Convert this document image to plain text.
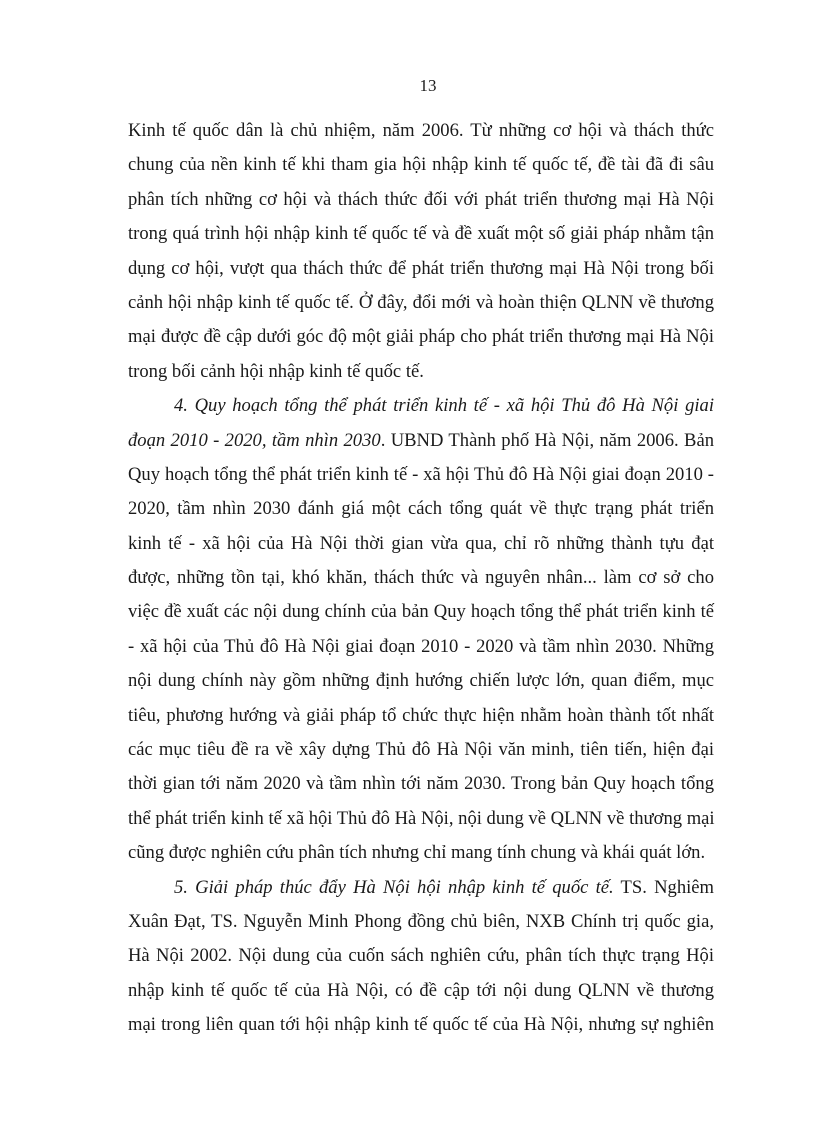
13
Kinh tế quốc dân là chủ nhiệm, năm 2006. Từ những cơ hội và thách thức
chung của nền kinh tế khi tham gia hội nhập kinh tế quốc tế, đề tài đã đi sâu
phân tích những cơ hội và thách thức đối với phát triển thương mại Hà Nội
trong quá trình hội nhập kinh tế quốc tế và đề xuất một số giải pháp nhằm tận
dụng cơ hội, vượt qua thách thức để phát triển thương mại Hà Nội trong bối
cảnh hội nhập kinh tế quốc tế. Ở đây, đổi mới và hoàn thiện QLNN về thương
mại được đề cập dưới góc độ một giải pháp cho phát triển thương mại Hà Nội
trong bối cảnh hội nhập kinh tế quốc tế.
4. Quy hoạch tổng thể phát triển kinh tế - xã hội Thủ đô Hà Nội giai
đoạn 2010 - 2020, tầm nhìn 2030. UBND Thành phố Hà Nội, năm 2006. Bản
Quy hoạch tổng thể phát triển kinh tế - xã hội Thủ đô Hà Nội giai đoạn 2010 -
2020, tầm nhìn 2030 đánh giá một cách tổng quát về thực trạng phát triển
kinh tế - xã hội của Hà Nội thời gian vừa qua, chỉ rõ những thành tựu đạt
được, những tồn tại, khó khăn, thách thức và nguyên nhân... làm cơ sở cho
việc đề xuất các nội dung chính của bản Quy hoạch tổng thể phát triển kinh tế
- xã hội của Thủ đô Hà Nội giai đoạn 2010 - 2020 và tầm nhìn 2030. Những
nội dung chính này gồm những định hướng chiến lược lớn, quan điểm, mục
tiêu, phương hướng và giải pháp tổ chức thực hiện nhằm hoàn thành tốt nhất
các mục tiêu đề ra về xây dựng Thủ đô Hà Nội văn minh, tiên tiến, hiện đại
thời gian tới năm 2020 và tầm nhìn tới năm 2030. Trong bản Quy hoạch tổng
thể phát triển kinh tế xã hội Thủ đô Hà Nội, nội dung về QLNN về thương mại
cũng được nghiên cứu phân tích nhưng chỉ mang tính chung và khái quát lớn.
5. Giải pháp thúc đẩy Hà Nội hội nhập kinh tế quốc tế. TS. Nghiêm
Xuân Đạt, TS. Nguyễn Minh Phong đồng chủ biên, NXB Chính trị quốc gia,
Hà Nội 2002. Nội dung của cuốn sách nghiên cứu, phân tích thực trạng Hội
nhập kinh tế quốc tế của Hà Nội, có đề cập tới nội dung QLNN về thương
mại trong liên quan tới hội nhập kinh tế quốc tế của Hà Nội, nhưng sự nghiên
